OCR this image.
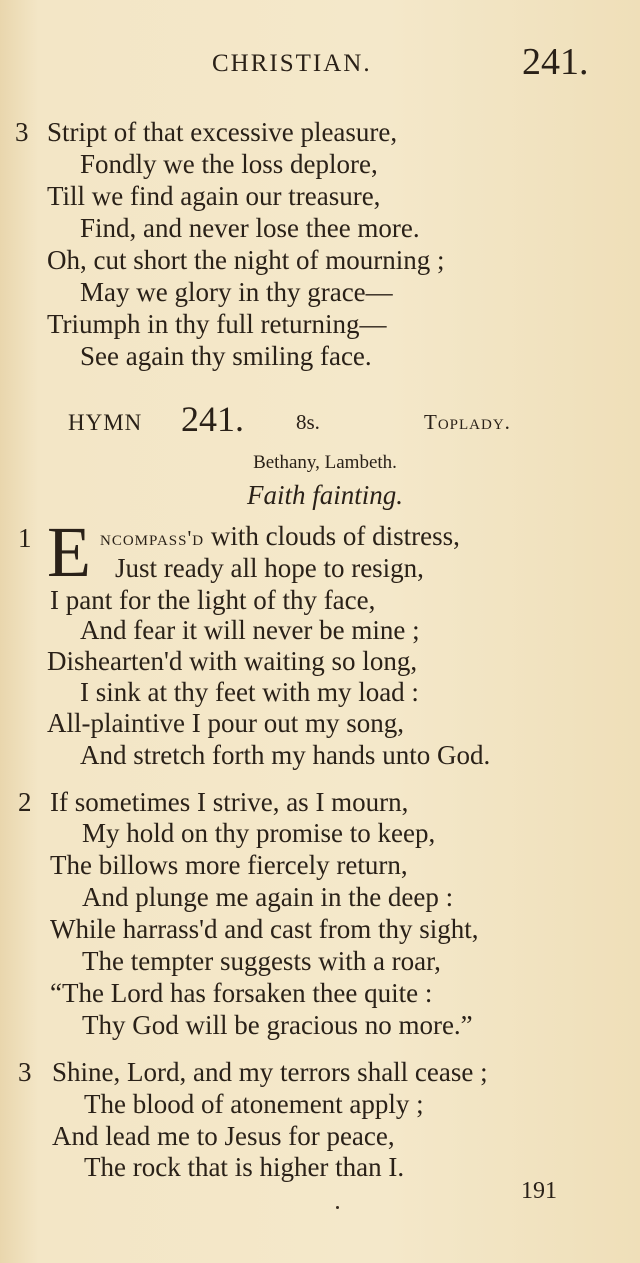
CHRISTIAN.	241.
3 Stript of that excessive pleasure,
Fondly we the loss deplore,
Till we find again our treasure,
Find, and never lose thee more.
Oh, cut short the night of mourning ;
May we glory in thy grace—
Triumph in thy full returning—
See again thy smiling face.
HYMN 241. 8s.	Toplady.
Bethany, Lambeth.
Faith fainting.
1 E ncompass'd with clouds of distress,
Just ready all hope to resign,
I pant for the light of thy face,
And fear it will never be mine ;
Dishearten'd with waiting so long,
I sink at thy feet with my load :
All-plaintive I pour out my song,
And stretch forth my hands unto God.
2 If sometimes I strive, as I mourn,
My hold on thy promise to keep,
The billows more fiercely return,
And plunge me again in the deep :
While harrass'd and cast from thy sight,
The tempter suggests with a roar,
“The Lord has forsaken thee quite :
Thy God will be gracious no more.”
3 Shine, Lord, and my terrors shall cease ;
The blood of atonement apply ;
And lead me to Jesus for peace,
The rock that is higher than I.
191
